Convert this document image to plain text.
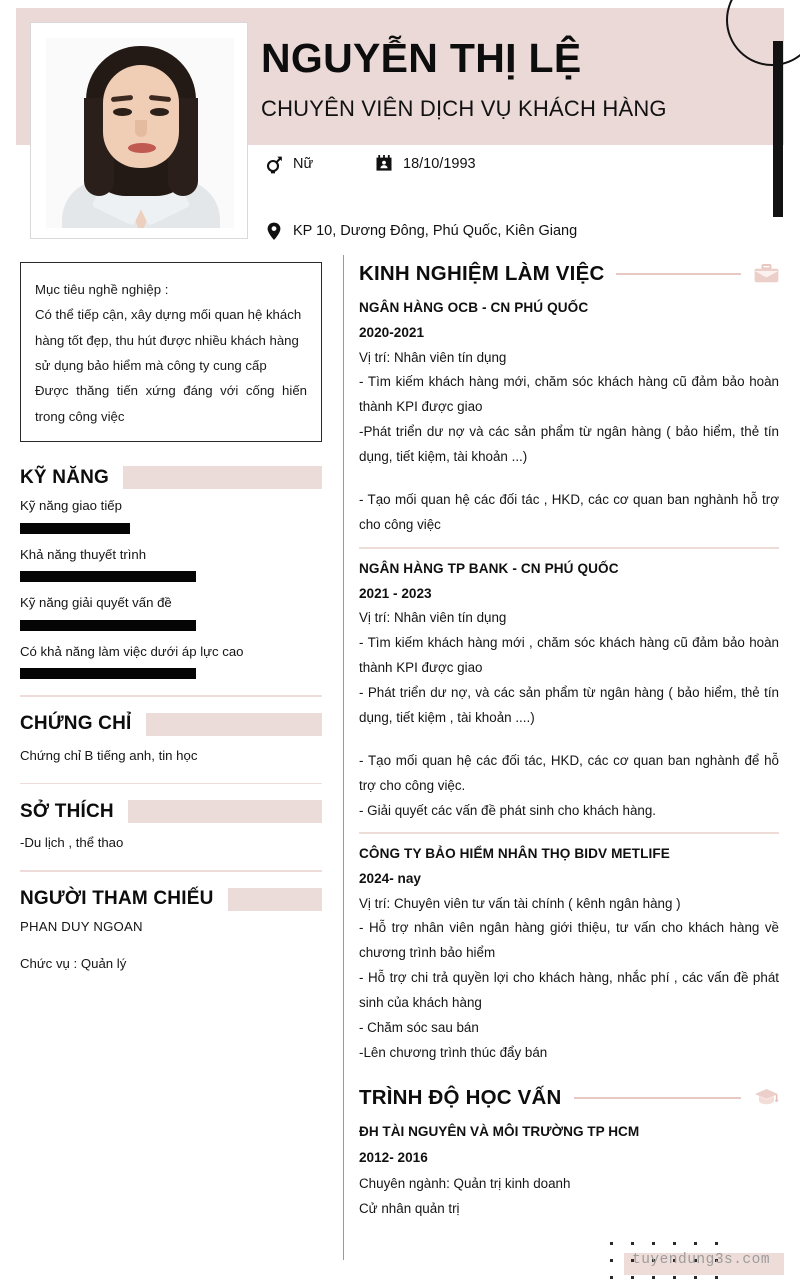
NGUYỄN THỊ LỆ
CHUYÊN VIÊN DỊCH VỤ KHÁCH HÀNG
Nữ	18/10/1993
KP 10, Dương Đông, Phú Quốc, Kiên Giang

Mục tiêu nghề nghiệp :

Có thể tiếp cận, xây dựng mối quan hệ khách hàng tốt đẹp, thu hút được nhiều khách hàng sử dụng bảo hiểm mà công ty cung cấp

Được thăng tiến xứng đáng với cống hiến trong công việc

KỸ NĂNG
Kỹ năng giao tiếp
Khả năng thuyết trình
Kỹ năng giải quyết vấn đề
Có khả năng làm việc dưới áp lực cao
CHỨNG CHỈ
Chứng chỉ B tiếng anh, tin học
SỞ THÍCH
-Du lịch , thể thao
NGƯỜI THAM CHIẾU
PHAN DUY NGOAN
Chức vụ : Quản lý
KINH NGHIỆM LÀM VIỆC
NGÂN HÀNG OCB - CN PHÚ QUỐC
2020-2021
Vị trí: Nhân viên tín dụng
- Tìm kiếm khách hàng mới, chăm sóc khách hàng cũ đảm bảo hoàn thành KPI được giao
-Phát triển dư nợ và các sản phẩm từ ngân hàng ( bảo hiểm, thẻ tín dụng, tiết kiệm, tài khoản ...)
- Tạo mối quan hệ các đối tác , HKD, các cơ quan ban nghành hỗ trợ cho công việc
NGÂN HÀNG TP BANK - CN PHÚ QUỐC
2021 - 2023
Vị trí: Nhân viên tín dụng
- Tìm kiếm khách hàng mới , chăm sóc khách hàng cũ đảm bảo hoàn thành KPI được giao
- Phát triển dư nợ, và các sản phẩm từ ngân hàng ( bảo hiểm, thẻ tín dụng, tiết kiệm , tài khoản ....)
- Tạo mối quan hệ các đối tác, HKD, các cơ quan ban nghành để hỗ trợ cho công việc.
- Giải quyết các vấn đề phát sinh cho khách hàng.
CÔNG TY BẢO HIỂM NHÂN THỌ BIDV METLIFE
2024- nay
Vị trí: Chuyên viên tư vấn tài chính ( kênh ngân hàng )
- Hỗ trợ nhân viên ngân hàng giới thiệu, tư vấn cho khách hàng về chương trình bảo hiểm
- Hỗ trợ chi trả quyền lợi cho khách hàng, nhắc phí , các vấn đề phát sinh của khách hàng
- Chăm sóc sau bán
-Lên chương trình thúc đẩy bán
TRÌNH ĐỘ HỌC VẤN
ĐH TÀI NGUYÊN VÀ MÔI TRƯỜNG TP HCM
2012- 2016
Chuyên ngành: Quản trị kinh doanh
Cử nhân quản trị
tuyendung3s.com
